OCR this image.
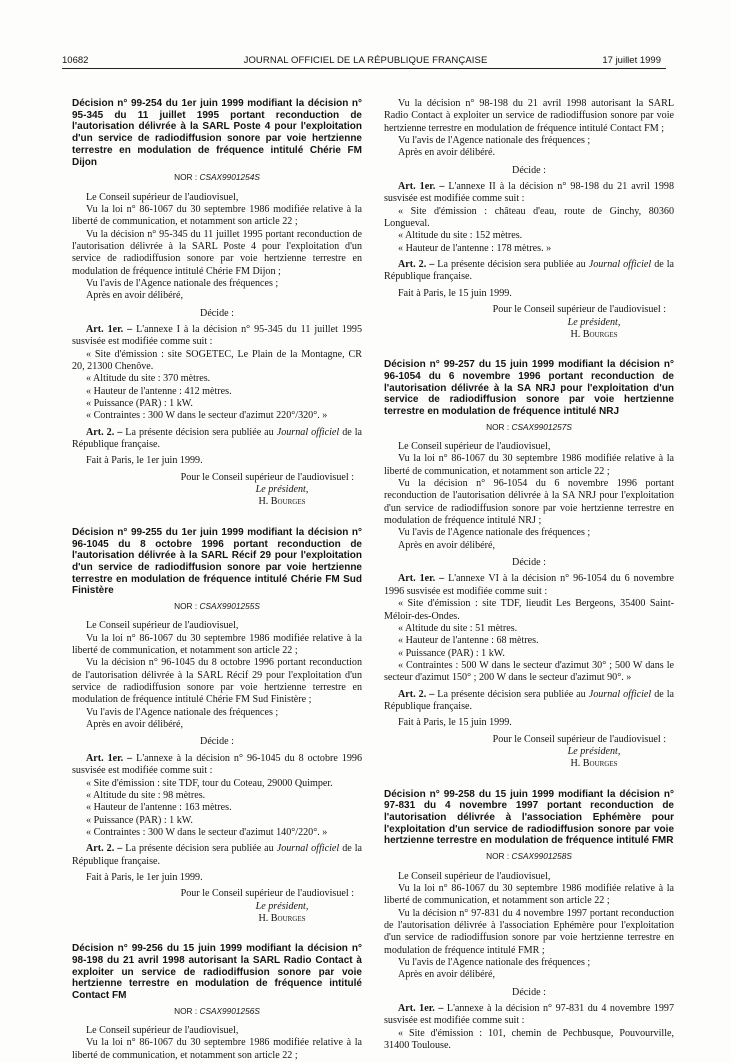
10682	JOURNAL OFFICIEL DE LA RÉPUBLIQUE FRANÇAISE	17 juillet 1999
Décision n° 99-254 du 1er juin 1999 modifiant la décision n° 95-345 du 11 juillet 1995 portant reconduction de l'autorisation délivrée à la SARL Poste 4 pour l'exploitation d'un service de radiodiffusion sonore par voie hertzienne terrestre en modulation de fréquence intitulé Chérie FM Dijon
NOR : CSAX9901254S

Le Conseil supérieur de l'audiovisuel,

Vu la loi n° 86-1067 du 30 septembre 1986 modifiée relative à la liberté de communication, et notamment son article 22 ;

Vu la décision n° 95-345 du 11 juillet 1995 portant reconduction de l'autorisation délivrée à la SARL Poste 4 pour l'exploitation d'un service de radiodiffusion sonore par voie hertzienne terrestre en modulation de fréquence intitulé Chérie FM Dijon ;

Vu l'avis de l'Agence nationale des fréquences ;

Après en avoir délibéré,

Décide :

Art. 1er. – L'annexe I à la décision n° 95-345 du 11 juillet 1995 susvisée est modifiée comme suit :

« Site d'émission : site SOGETEC, Le Plain de la Montagne, CR 20, 21300 Chenôve.

« Altitude du site : 370 mètres.

« Hauteur de l'antenne : 412 mètres.

« Puissance (PAR) : 1 kW.

« Contraintes : 300 W dans le secteur d'azimut 220°/320°. »

Art. 2. – La présente décision sera publiée au Journal officiel de la République française.

Fait à Paris, le 1er juin 1999.

Pour le Conseil supérieur de l'audiovisuel :
Le président,
H. Bourges
Décision n° 99-255 du 1er juin 1999 modifiant la décision n° 96-1045 du 8 octobre 1996 portant reconduction de l'autorisation délivrée à la SARL Récif 29 pour l'exploitation d'un service de radiodiffusion sonore par voie hertzienne terrestre en modulation de fréquence intitulé Chérie FM Sud Finistère
NOR : CSAX9901255S

Le Conseil supérieur de l'audiovisuel,

Vu la loi n° 86-1067 du 30 septembre 1986 modifiée relative à la liberté de communication, et notamment son article 22 ;

Vu la décision n° 96-1045 du 8 octobre 1996 portant reconduction de l'autorisation délivrée à la SARL Récif 29 pour l'exploitation d'un service de radiodiffusion sonore par voie hertzienne terrestre en modulation de fréquence intitulé Chérie FM Sud Finistère ;

Vu l'avis de l'Agence nationale des fréquences ;

Après en avoir délibéré,

Décide :

Art. 1er. – L'annexe à la décision n° 96-1045 du 8 octobre 1996 susvisée est modifiée comme suit :

« Site d'émission : site TDF, tour du Coteau, 29000 Quimper.

« Altitude du site : 98 mètres.

« Hauteur de l'antenne : 163 mètres.

« Puissance (PAR) : 1 kW.

« Contraintes : 300 W dans le secteur d'azimut 140°/220°. »

Art. 2. – La présente décision sera publiée au Journal officiel de la République française.

Fait à Paris, le 1er juin 1999.

Pour le Conseil supérieur de l'audiovisuel :
Le président,
H. Bourges
Décision n° 99-256 du 15 juin 1999 modifiant la décision n° 98-198 du 21 avril 1998 autorisant la SARL Radio Contact à exploiter un service de radiodiffusion sonore par voie hertzienne terrestre en modulation de fréquence intitulé Contact FM
NOR : CSAX9901256S

Le Conseil supérieur de l'audiovisuel,

Vu la loi n° 86-1067 du 30 septembre 1986 modifiée relative à la liberté de communication, et notamment son article 22 ;

Vu la décision n° 98-198 du 21 avril 1998 autorisant la SARL Radio Contact à exploiter un service de radiodiffusion sonore par voie hertzienne terrestre en modulation de fréquence intitulé Contact FM ;

Vu l'avis de l'Agence nationale des fréquences ;

Après en avoir délibéré.

Décide :

Art. 1er. – L'annexe II à la décision n° 98-198 du 21 avril 1998 susvisée est modifiée comme suit :

« Site d'émission : château d'eau, route de Ginchy, 80360 Longueval.

« Altitude du site : 152 mètres.

« Hauteur de l'antenne : 178 mètres. »

Art. 2. – La présente décision sera publiée au Journal officiel de la République française.

Fait à Paris, le 15 juin 1999.

Pour le Conseil supérieur de l'audiovisuel :
Le président,
H. Bourges
Décision n° 99-257 du 15 juin 1999 modifiant la décision n° 96-1054 du 6 novembre 1996 portant reconduction de l'autorisation délivrée à la SA NRJ pour l'exploitation d'un service de radiodiffusion sonore par voie hertzienne terrestre en modulation de fréquence intitulé NRJ
NOR : CSAX9901257S

Le Conseil supérieur de l'audiovisuel,

Vu la loi n° 86-1067 du 30 septembre 1986 modifiée relative à la liberté de communication, et notamment son article 22 ;

Vu la décision n° 96-1054 du 6 novembre 1996 portant reconduction de l'autorisation délivrée à la SA NRJ pour l'exploitation d'un service de radiodiffusion sonore par voie hertzienne terrestre en modulation de fréquence intitulé NRJ ;

Vu l'avis de l'Agence nationale des fréquences ;

Après en avoir délibéré,

Décide :

Art. 1er. – L'annexe VI à la décision n° 96-1054 du 6 novembre 1996 susvisée est modifiée comme suit :

« Site d'émission : site TDF, lieudit Les Bergeons, 35400 Saint-Méloir-des-Ondes.

« Altitude du site : 51 mètres.

« Hauteur de l'antenne : 68 mètres.

« Puissance (PAR) : 1 kW.

« Contraintes : 500 W dans le secteur d'azimut 30° ; 500 W dans le secteur d'azimut 150° ; 200 W dans le secteur d'azimut 90°. »

Art. 2. – La présente décision sera publiée au Journal officiel de la République française.

Fait à Paris, le 15 juin 1999.

Pour le Conseil supérieur de l'audiovisuel :
Le président,
H. Bourges
Décision n° 99-258 du 15 juin 1999 modifiant la décision n° 97-831 du 4 novembre 1997 portant reconduction de l'autorisation délivrée à l'association Ephémère pour l'exploitation d'un service de radiodiffusion sonore par voie hertzienne terrestre en modulation de fréquence intitulé FMR
NOR : CSAX9901258S

Le Conseil supérieur de l'audiovisuel,

Vu la loi n° 86-1067 du 30 septembre 1986 modifiée relative à la liberté de communication, et notamment son article 22 ;

Vu la décision n° 97-831 du 4 novembre 1997 portant reconduction de l'autorisation délivrée à l'association Ephémère pour l'exploitation d'un service de radiodiffusion sonore par voie hertzienne terrestre en modulation de fréquence intitulé FMR ;

Vu l'avis de l'Agence nationale des fréquences ;

Après en avoir délibéré,

Décide :

Art. 1er. – L'annexe à la décision n° 97-831 du 4 novembre 1997 susvisée est modifiée comme suit :

« Site d'émission : 101, chemin de Pechbusque, Pouvourville, 31400 Toulouse.
